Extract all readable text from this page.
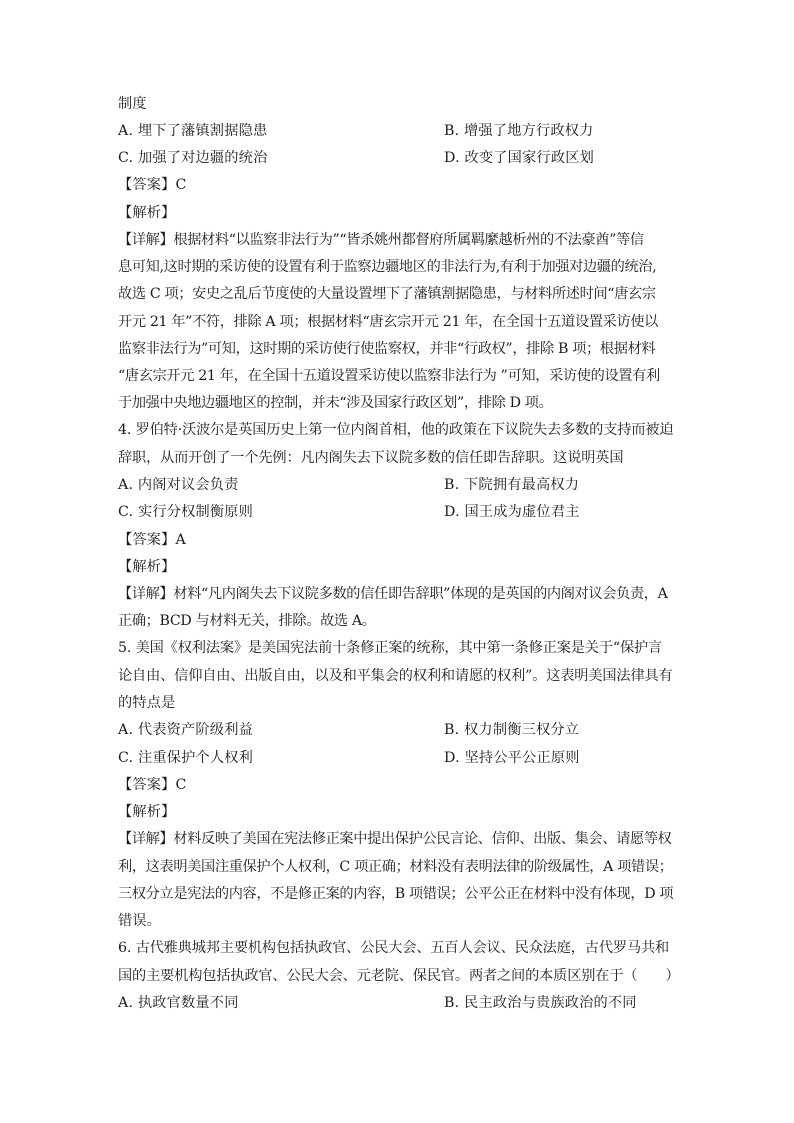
制度
A. 埋下了藩镇割据隐患	B. 增强了地方行政权力
C. 加强了对边疆的统治	D. 改变了国家行政区划
【答案】C
【解析】
【详解】根据材料“以监察非法行为”“皆杀姚州都督府所属羁縻越析州的不法豪酋”等信
息可知,这时期的采访使的设置有利于监察边疆地区的非法行为,有利于加强对边疆的统治,
故选 C 项；安史之乱后节度使的大量设置埋下了藩镇割据隐患，与材料所述时间“唐玄宗
开元 21 年”不符，排除 A 项；根据材料“唐玄宗开元 21 年，在全国十五道设置采访使以
监察非法行为”可知，这时期的采访使行使监察权，并非“行政权”，排除 B 项；根据材料
“唐玄宗开元 21 年，在全国十五道设置采访使以监察非法行为 ”可知，采访使的设置有利
于加强中央地边疆地区的控制，并未“涉及国家行政区划”，排除 D 项。
4. 罗伯特·沃波尔是英国历史上第一位内阁首相，他的政策在下议院失去多数的支持而被迫
辞职，从而开创了一个先例：凡内阁失去下议院多数的信任即告辞职。这说明英国
A. 内阁对议会负责	B. 下院拥有最高权力
C. 实行分权制衡原则	D. 国王成为虚位君主
【答案】A
【解析】
【详解】材料“凡内阁失去下议院多数的信任即告辞职”体现的是英国的内阁对议会负责，A
正确；BCD 与材料无关，排除。故选 A。
5. 美国《权利法案》是美国宪法前十条修正案的统称，其中第一条修正案是关于“保护言
论自由、信仰自由、出版自由，以及和平集会的权利和请愿的权利”。这表明美国法律具有
的特点是
A. 代表资产阶级利益	B. 权力制衡三权分立
C. 注重保护个人权利	D. 坚持公平公正原则
【答案】C
【解析】
【详解】材料反映了美国在宪法修正案中提出保护公民言论、信仰、出版、集会、请愿等权
利，这表明美国注重保护个人权利，C 项正确；材料没有表明法律的阶级属性，A 项错误；
三权分立是宪法的内容，不是修正案的内容，B 项错误；公平公正在材料中没有体现，D 项
错误。
6. 古代雅典城邦主要机构包括执政官、公民大会、五百人会议、民众法庭，古代罗马共和
国的主要机构包括执政官、公民大会、元老院、保民官。两者之间的本质区别在于（　　）
A. 执政官数量不同	B. 民主政治与贵族政治的不同
